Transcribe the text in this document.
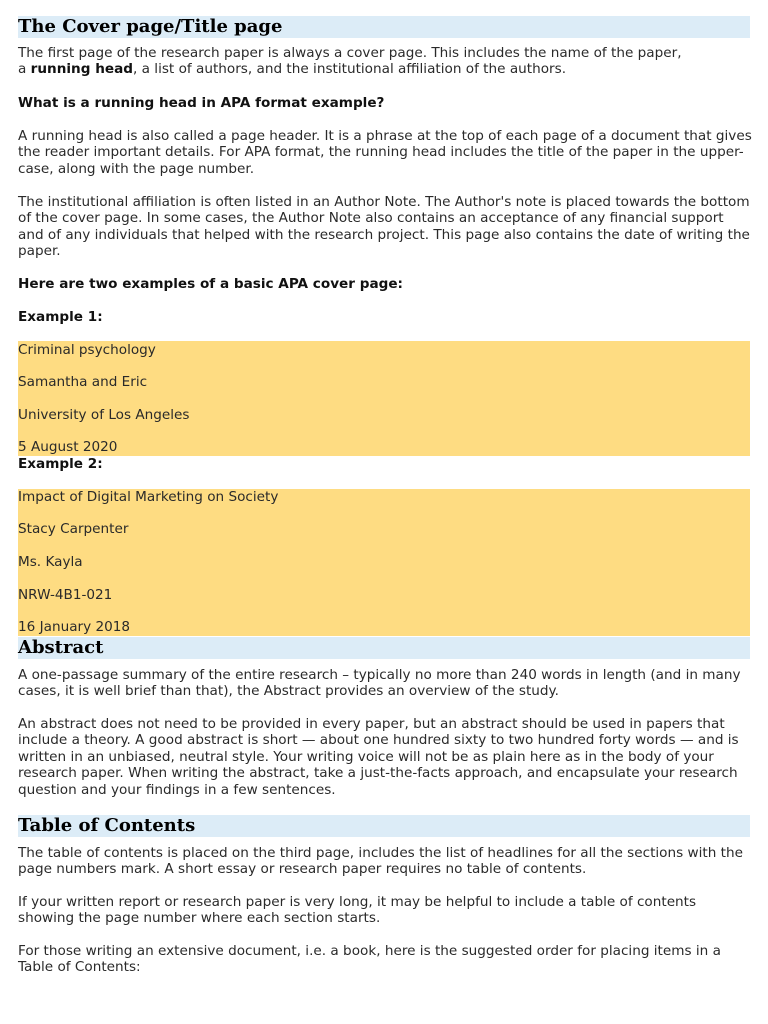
The Cover page/Title page

The first page of the research paper is always a cover page. This includes the name of the paper,
a running head, a list of authors, and the institutional affiliation of the authors.

What is a running head in APA format example?

A running head is also called a page header. It is a phrase at the top of each page of a document that gives the reader important details. For APA format, the running head includes the title of the paper in the upper-case, along with the page number.

The institutional affiliation is often listed in an Author Note. The Author's note is placed towards the bottom of the cover page. In some cases, the Author Note also contains an acceptance of any financial support and of any individuals that helped with the research project. This page also contains the date of writing the paper.

Here are two examples of a basic APA cover page:

Example 1:

Criminal psychology
Samantha and Eric
University of Los Angeles
5 August 2020

Example 2:

Impact of Digital Marketing on Society
Stacy Carpenter
Ms. Kayla
NRW-4B1-021
16 January 2018
Abstract

A one-passage summary of the entire research – typically no more than 240 words in length (and in many cases, it is well brief than that), the Abstract provides an overview of the study.

An abstract does not need to be provided in every paper, but an abstract should be used in papers that include a theory. A good abstract is short — about one hundred sixty to two hundred forty words — and is written in an unbiased, neutral style. Your writing voice will not be as plain here as in the body of your research paper. When writing the abstract, take a just-the-facts approach, and encapsulate your research question and your findings in a few sentences.

Table of Contents

The table of contents is placed on the third page, includes the list of headlines for all the sections with the page numbers mark. A short essay or research paper requires no table of contents.

If your written report or research paper is very long, it may be helpful to include a table of contents showing the page number where each section starts.

For those writing an extensive document, i.e. a book, here is the suggested order for placing items in a Table of Contents:
